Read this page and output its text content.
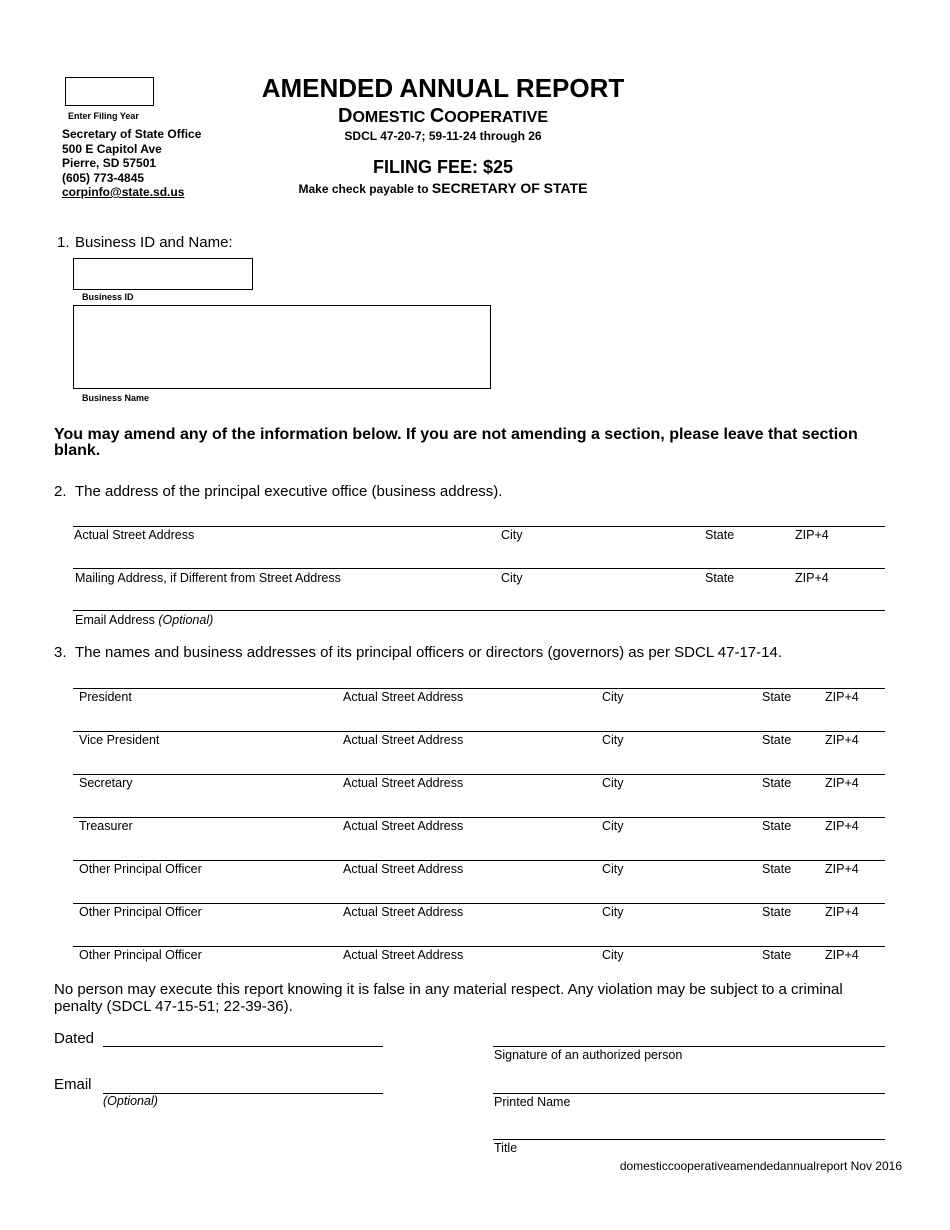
Enter Filing Year
Secretary of State Office
500 E Capitol Ave
Pierre, SD 57501
(605) 773-4845
corpinfo@state.sd.us
AMENDED ANNUAL REPORT
DOMESTIC COOPERATIVE
SDCL 47-20-7; 59-11-24 through 26
FILING FEE: $25
Make check payable to SECRETARY OF STATE
1. Business ID and Name:
Business ID
Business Name
You may amend any of the information below. If you are not amending a section, please leave that section blank.
2. The address of the principal executive office (business address).
Actual Street Address	City	State	ZIP+4
Mailing Address, if Different from Street Address	City	State	ZIP+4
Email Address (Optional)
3. The names and business addresses of its principal officers or directors (governors) as per SDCL 47-17-14.
President	Actual Street Address	City	State	ZIP+4
Vice President	Actual Street Address	City	State	ZIP+4
Secretary	Actual Street Address	City	State	ZIP+4
Treasurer	Actual Street Address	City	State	ZIP+4
Other Principal Officer	Actual Street Address	City	State	ZIP+4
Other Principal Officer	Actual Street Address	City	State	ZIP+4
Other Principal Officer	Actual Street Address	City	State	ZIP+4
No person may execute this report knowing it is false in any material respect. Any violation may be subject to a criminal penalty (SDCL 47-15-51; 22-39-36).
Dated
Email
(Optional)
Signature of an authorized person
Printed Name
Title
domesticcooperativeamendedannualreport Nov 2016
